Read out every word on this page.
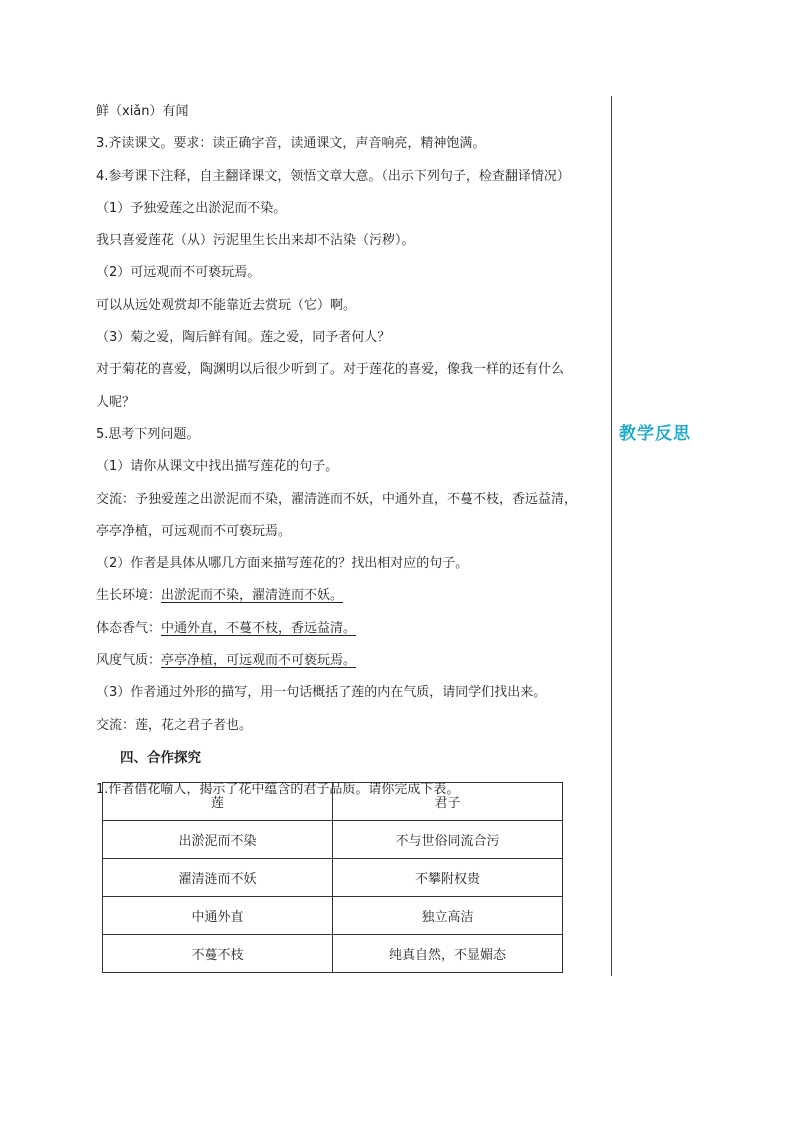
教学反思
鲜（xiǎn）有闻
3.齐读课文。要求：读正确字音，读通课文，声音响亮，精神饱满。
4.参考课下注释，自主翻译课文，领悟文章大意。（出示下列句子，检查翻译情况）
（1）予独爱莲之出淤泥而不染。
我只喜爱莲花（从）污泥里生长出来却不沾染（污秽）。
（2）可远观而不可亵玩焉。
可以从远处观赏却不能靠近去赏玩（它）啊。
（3）菊之爱，陶后鲜有闻。莲之爱，同予者何人？
对于菊花的喜爱，陶渊明以后很少听到了。对于莲花的喜爱，像我一样的还有什么
人呢？
5.思考下列问题。
（1）请你从课文中找出描写莲花的句子。
交流：予独爱莲之出淤泥而不染，濯清涟而不妖，中通外直，不蔓不枝，香远益清，
亭亭净植，可远观而不可亵玩焉。
（2）作者是具体从哪几方面来描写莲花的？找出相对应的句子。
生长环境：出淤泥而不染，濯清涟而不妖。
体态香气：中通外直，不蔓不枝，香远益清。
风度气质：亭亭净植，可远观而不可亵玩焉。
（3）作者通过外形的描写，用一句话概括了莲的内在气质，请同学们找出来。
交流：莲，花之君子者也。
四、合作探究
1.作者借花喻人，揭示了花中蕴含的君子品质。请你完成下表。
莲	君子
出淤泥而不染	不与世俗同流合污
濯清涟而不妖	不攀附权贵
中通外直	独立高洁
不蔓不枝	纯真自然，不显媚态
